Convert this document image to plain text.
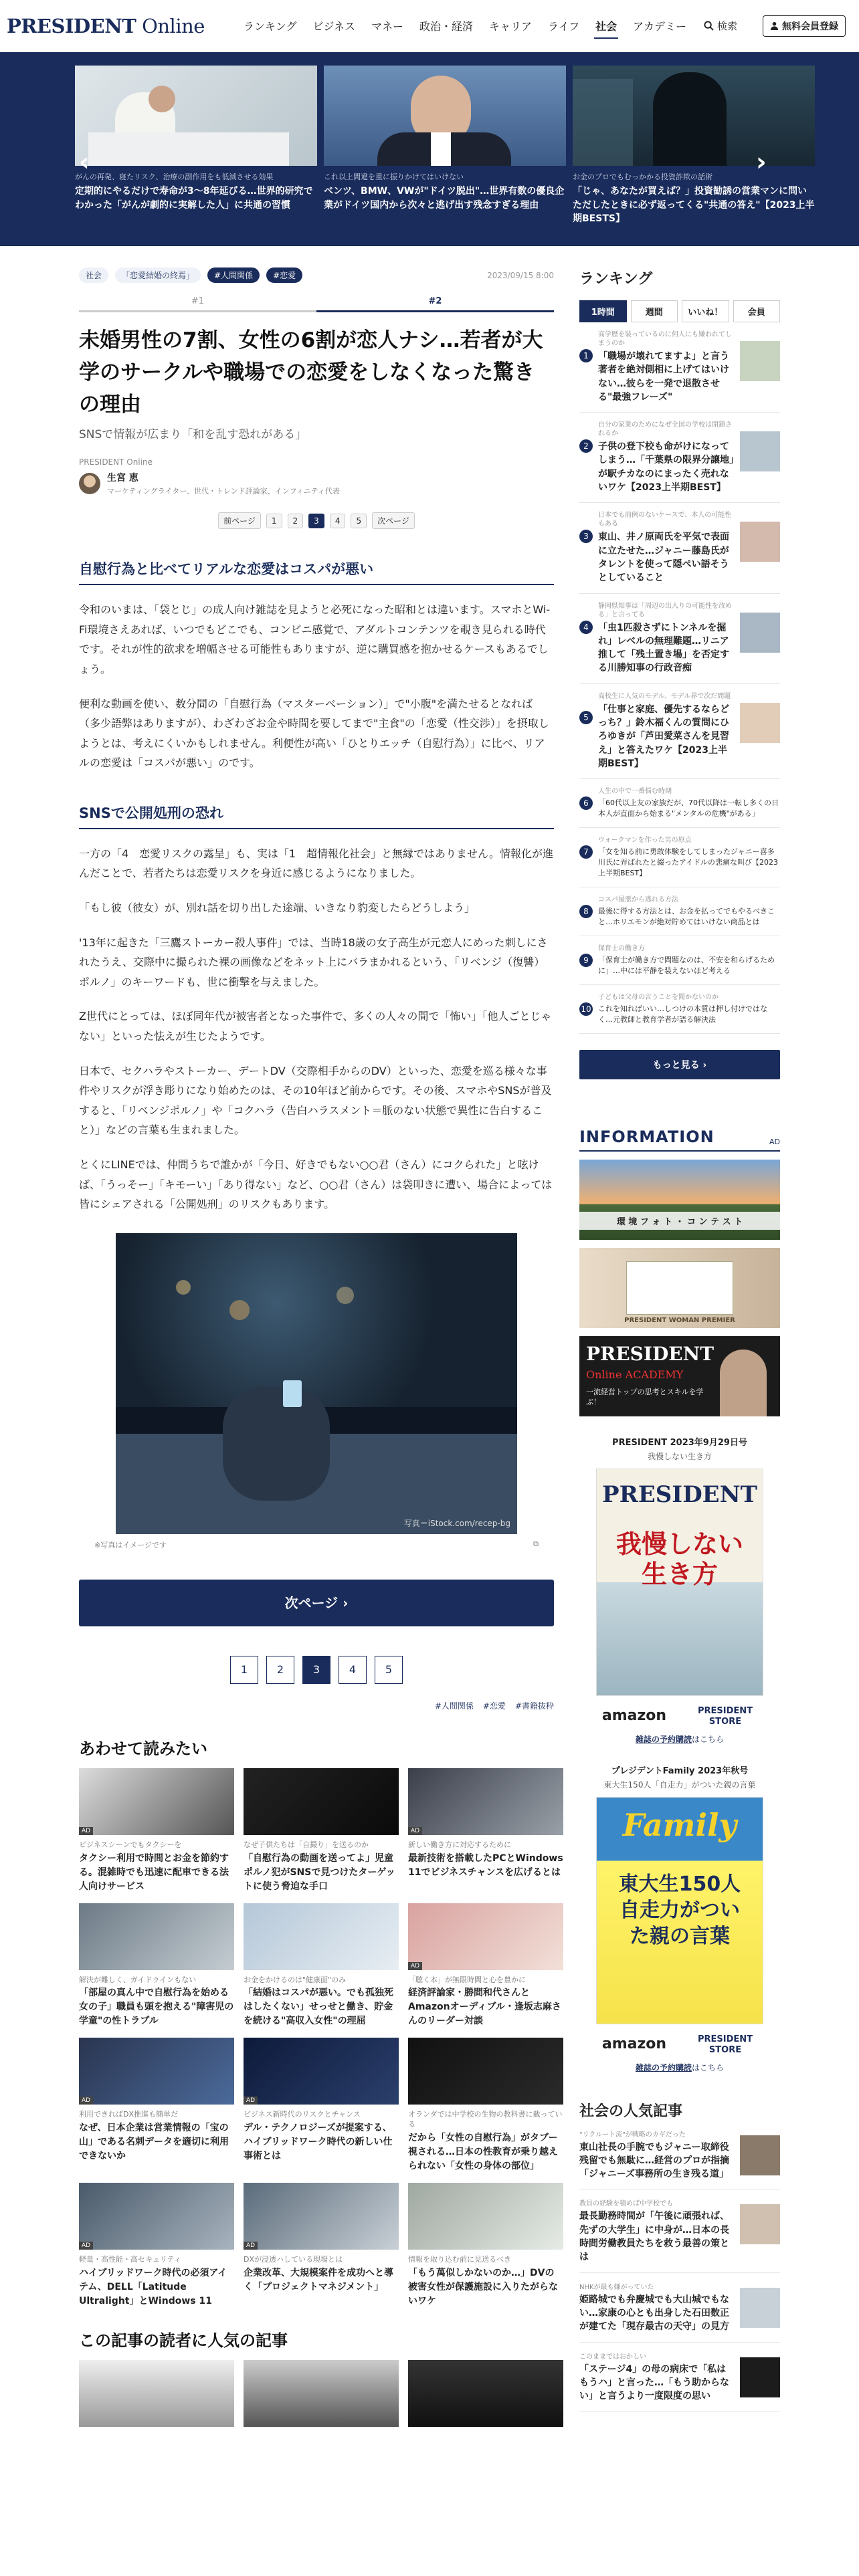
PRESIDENT Online	ランキング	ビジネス	マネー	政治・経済	キャリア	ライフ	社会	アカデミー	検索	無料会員登録
がんの再発、寝たリスク、治療の副作用をも低減させる効果
定期的にやるだけで寿命が3～8年延びる…世界的研究でわかった「がんが劇的に実解した人」に共通の習慣
これ以上間違を重に振りかけてはいけない
ベンツ、BMW、VWが"ドイツ脱出"…世界有数の優良企業がドイツ国内から次々と逃げ出す残念すぎる理由
お金のプロでもむっかかる投資詐欺の話術
「じゃ、あなたが買えば？」投資勧誘の営業マンに問いただしたときに必ず返ってくる"共通の答え"【2023上半期BESTS】
‹	›
社会	「恋愛結婚の終焉」	#人間関係	#恋愛	2023/09/15 8:00
#1	#2
未婚男性の7割、女性の6割が恋人ナシ…若者が大学のサークルや職場での恋愛をしなくなった驚きの理由
SNSで情報が広まり「和を乱す恐れがある」
PRESIDENT Online
生宮 恵
マーケティングライター、世代・トレンド評論家、インフィニティ代表
前ページ	1	2	3	4	5	次ページ
自慰行為と比べてリアルな恋愛はコスパが悪い

令和のいまは、「袋とじ」の成人向け雑誌を見ようと必死になった昭和とは違います。スマホとWi-Fi環境さえあれば、いつでもどこでも、コンビニ感覚で、アダルトコンテンツを覗き見られる時代です。それが性的欲求を増幅させる可能性もありますが、逆に購買感を抱かせるケースもあるでしょう。

便利な動画を使い、数分間の「自慰行為（マスターベーション）」で"小腹"を満たせるとなれば（多少語弊はありますが）、わざわざお金や時間を要してまで"主食"の「恋愛（性交渉）」を摂取しようとは、考えにくいかもしれません。利便性が高い「ひとりエッチ（自慰行為）」に比べ、リアルの恋愛は「コスパが悪い」のです。

SNSで公開処刑の恐れ

一方の「4　恋愛リスクの露呈」も、実は「1　超情報化社会」と無縁ではありません。情報化が進んだことで、若者たちは恋愛リスクを身近に感じるようになりました。

「もし彼（彼女）が、別れ話を切り出した途端、いきなり豹変したらどうしよう」

'13年に起きた「三鷹ストーカー殺人事件」では、当時18歳の女子高生が元恋人にめった刺しにされたうえ、交際中に撮られた裸の画像などをネット上にバラまかれるという、「リベンジ（復讐）ポルノ」のキーワードも、世に衝撃を与えました。

Z世代にとっては、ほぼ同年代が被害者となった事件で、多くの人々の間で「怖い」「他人ごとじゃない」といった怯えが生じたようです。

日本で、セクハラやストーカー、デートDV（交際相手からのDV）といった、恋愛を巡る様々な事件やリスクが浮き彫りになり始めたのは、その10年ほど前からです。その後、スマホやSNSが普及すると、「リベンジポルノ」や「コクハラ（告白ハラスメント＝脈のない状態で異性に告白すること）」などの言葉も生まれました。

とくにLINEでは、仲間うちで誰かが「今日、好きでもない○○君（さん）にコクられた」と呟けば、「うっそー」「キモーい」「あり得ない」など、○○君（さん）は袋叩きに遭い、場合によっては皆にシェアされる「公開処刑」のリスクもあります。

写真＝iStock.com/recep-bg
※写真はイメージです	⧉
次ページ ›
1	2	3	4	5
#人間関係 #恋愛 #書籍抜粋
あわせて読みたい
AD
ビジネスシーンでもタクシーを
タクシー利用で時間とお金を節約する。混雑時でも迅速に配車できる法人向けサービス
なぜ子供たちは「自撮り」を送るのか
「自慰行為の動画を送ってよ」児童ポルノ犯がSNSで見つけたターゲットに使う脅迫な手口
AD
新しい働き方に対応するために
最新技術を搭載したPCとWindows 11でビジネスチャンスを広げるとは
解決が難しく、ガイドラインもない
「部屋の真ん中で自慰行為を始める女の子」職員も頭を抱える"障害児の学童"の性トラブル
お金をかけるのは"健康面"のみ
「結婚はコスパが悪い。でも孤独死はしたくない」せっせと働き、貯金を続ける"高収入女性"の理屈
AD
「聴く本」が無限時間と心を豊かに
経済評論家・勝間和代さんとAmazonオーディブル・逢坂志麻さんのリーダー対談
AD
利用できればDX推進も簡単だ
なぜ、日本企業は営業情報の「宝の山」である名刺データを適切に利用できないか
AD
ビジネス新時代のリスクとチャンス
デル・テクノロジーズが提案する、ハイブリッドワーク時代の新しい仕事術とは
オランダでは中学校の生物の教科書に載っている
だから「女性の自慰行為」がタブー視される…日本の性教育が乗り越えられない「女性の身体の部位」
AD
軽量・高性能・高セキュリティ
ハイブリッドワーク時代の必須アイテム、DELL「Latitude Ultralight」とWindows 11
AD
DXが浸透ハしている現場とは
企業改革、大規模案件を成功へと導く「プロジェクトマネジメント」
情報を取り込む前に見送るべき
「もう萬似しかないのか…」DVの被害女性が保護施設に入りたがらないワケ
この記事の読者に人気の記事
ランキング
1時間	週間	いいね！	会員
1
高学歴を装っているのに何人にも嫌われてしまうのか
「職場が壊れてますよ」と言う著者を絶対側相に上げてはいけない…彼らを一発で退散させる"最強フレーズ"
2
自分の家業のためになぜ全国の学校は閉鎖されるか
子供の登下校も命がけになってしまう…「千葉県の限界分譲地」が駅チカなのにまったく売れないワケ【2023上半期BEST】
3
日本でも前例のないケースで、本人の可能性もある
東山、井ノ原両氏を平気で表面に立たせた…ジャニー藤島氏がタレントを使って隠ぺい語そうとしていること
4
静岡県知事は「周辺の出入りの可能性を改める」と言ってる
「虫1匹殺さずにトンネルを掘れ」レベルの無理難題…リニア推して「残土置き場」を否定する川勝知事の行政音痴
5
高校生に人気のモデル、モデル界で次だ問題
「仕事と家庭、優先するならどっち？」鈴木福くんの質問にひろゆきが「芦田愛菜さんを見習え」と答えたワケ【2023上半期BEST】
6
人生の中で一番悩む時期
「60代以上友の家族だが、70代以降は一転し多くの日本人が直面から始まる"メンタルの危機"がある」
7
ウォークマンを作った男の原点
「女を知る前に勇敢体験をしてしまったジャニー喜多川氏に弄ばれたと綴ったアイドルの悲痛な叫び【2023上半期BEST】
8
コスパ最悪から逃れる方法
最後に得する方法とは、お金を払ってでもやるべきこと…ホリエモンが絶対貯めてはいけない商品とは
9
保育士の働き方
「保育士が働き方で問題なのは、不安を和らげるために」…中には平静を装えないほど考える
10
子どもは父母の言うことを聞かないのか
これを知ればいい…しつけの本質は押し付けではなく…元教師と教育学者が語る解決法
もっと見る ›
INFORMATION	AD
環 境 フ ォ ト ・ コ ン テ ス ト
PRESIDENT WOMAN PREMIER
PRESIDENT
Online ACADEMY
一流経営トップの思考とスキルを学ぶ！
PRESIDENT 2023年9月29日号
我慢しない生き方
PRESIDENT
我慢しない生き方
amazon	PRESIDENT STORE
雑誌の予約購読はこちら
プレジデントFamily 2023年秋号
東大生150人「自走力」がついた親の言葉
Family
東大生150人 自走力がついた親の言葉
amazon	PRESIDENT STORE
雑誌の予約購読はこちら
社会の人気記事
"リクルート流"が戦略のカギだった
東山社長の手腕でもジャニー取締役残留でも無駄に…経営のプロが指摘「ジャニーズ事務所の生き残る道」
教員の経験を積めば中学校でも
最長勤務時間が「午後に頑張れば、先ずの大学生」に中身が…日本の長時間労働教員たちを救う最善の策とは
NHKが最も嫌がっていた
姫路城でも弁慶城でも大山城でもない…家康の心とも出身した石田数正が建てた「現存最古の天守」の見方
このままではおかしい
「ステージ4」の母の病床で「私はもうハ」と言った…「もう助からない」と言うより一度限度の思い
